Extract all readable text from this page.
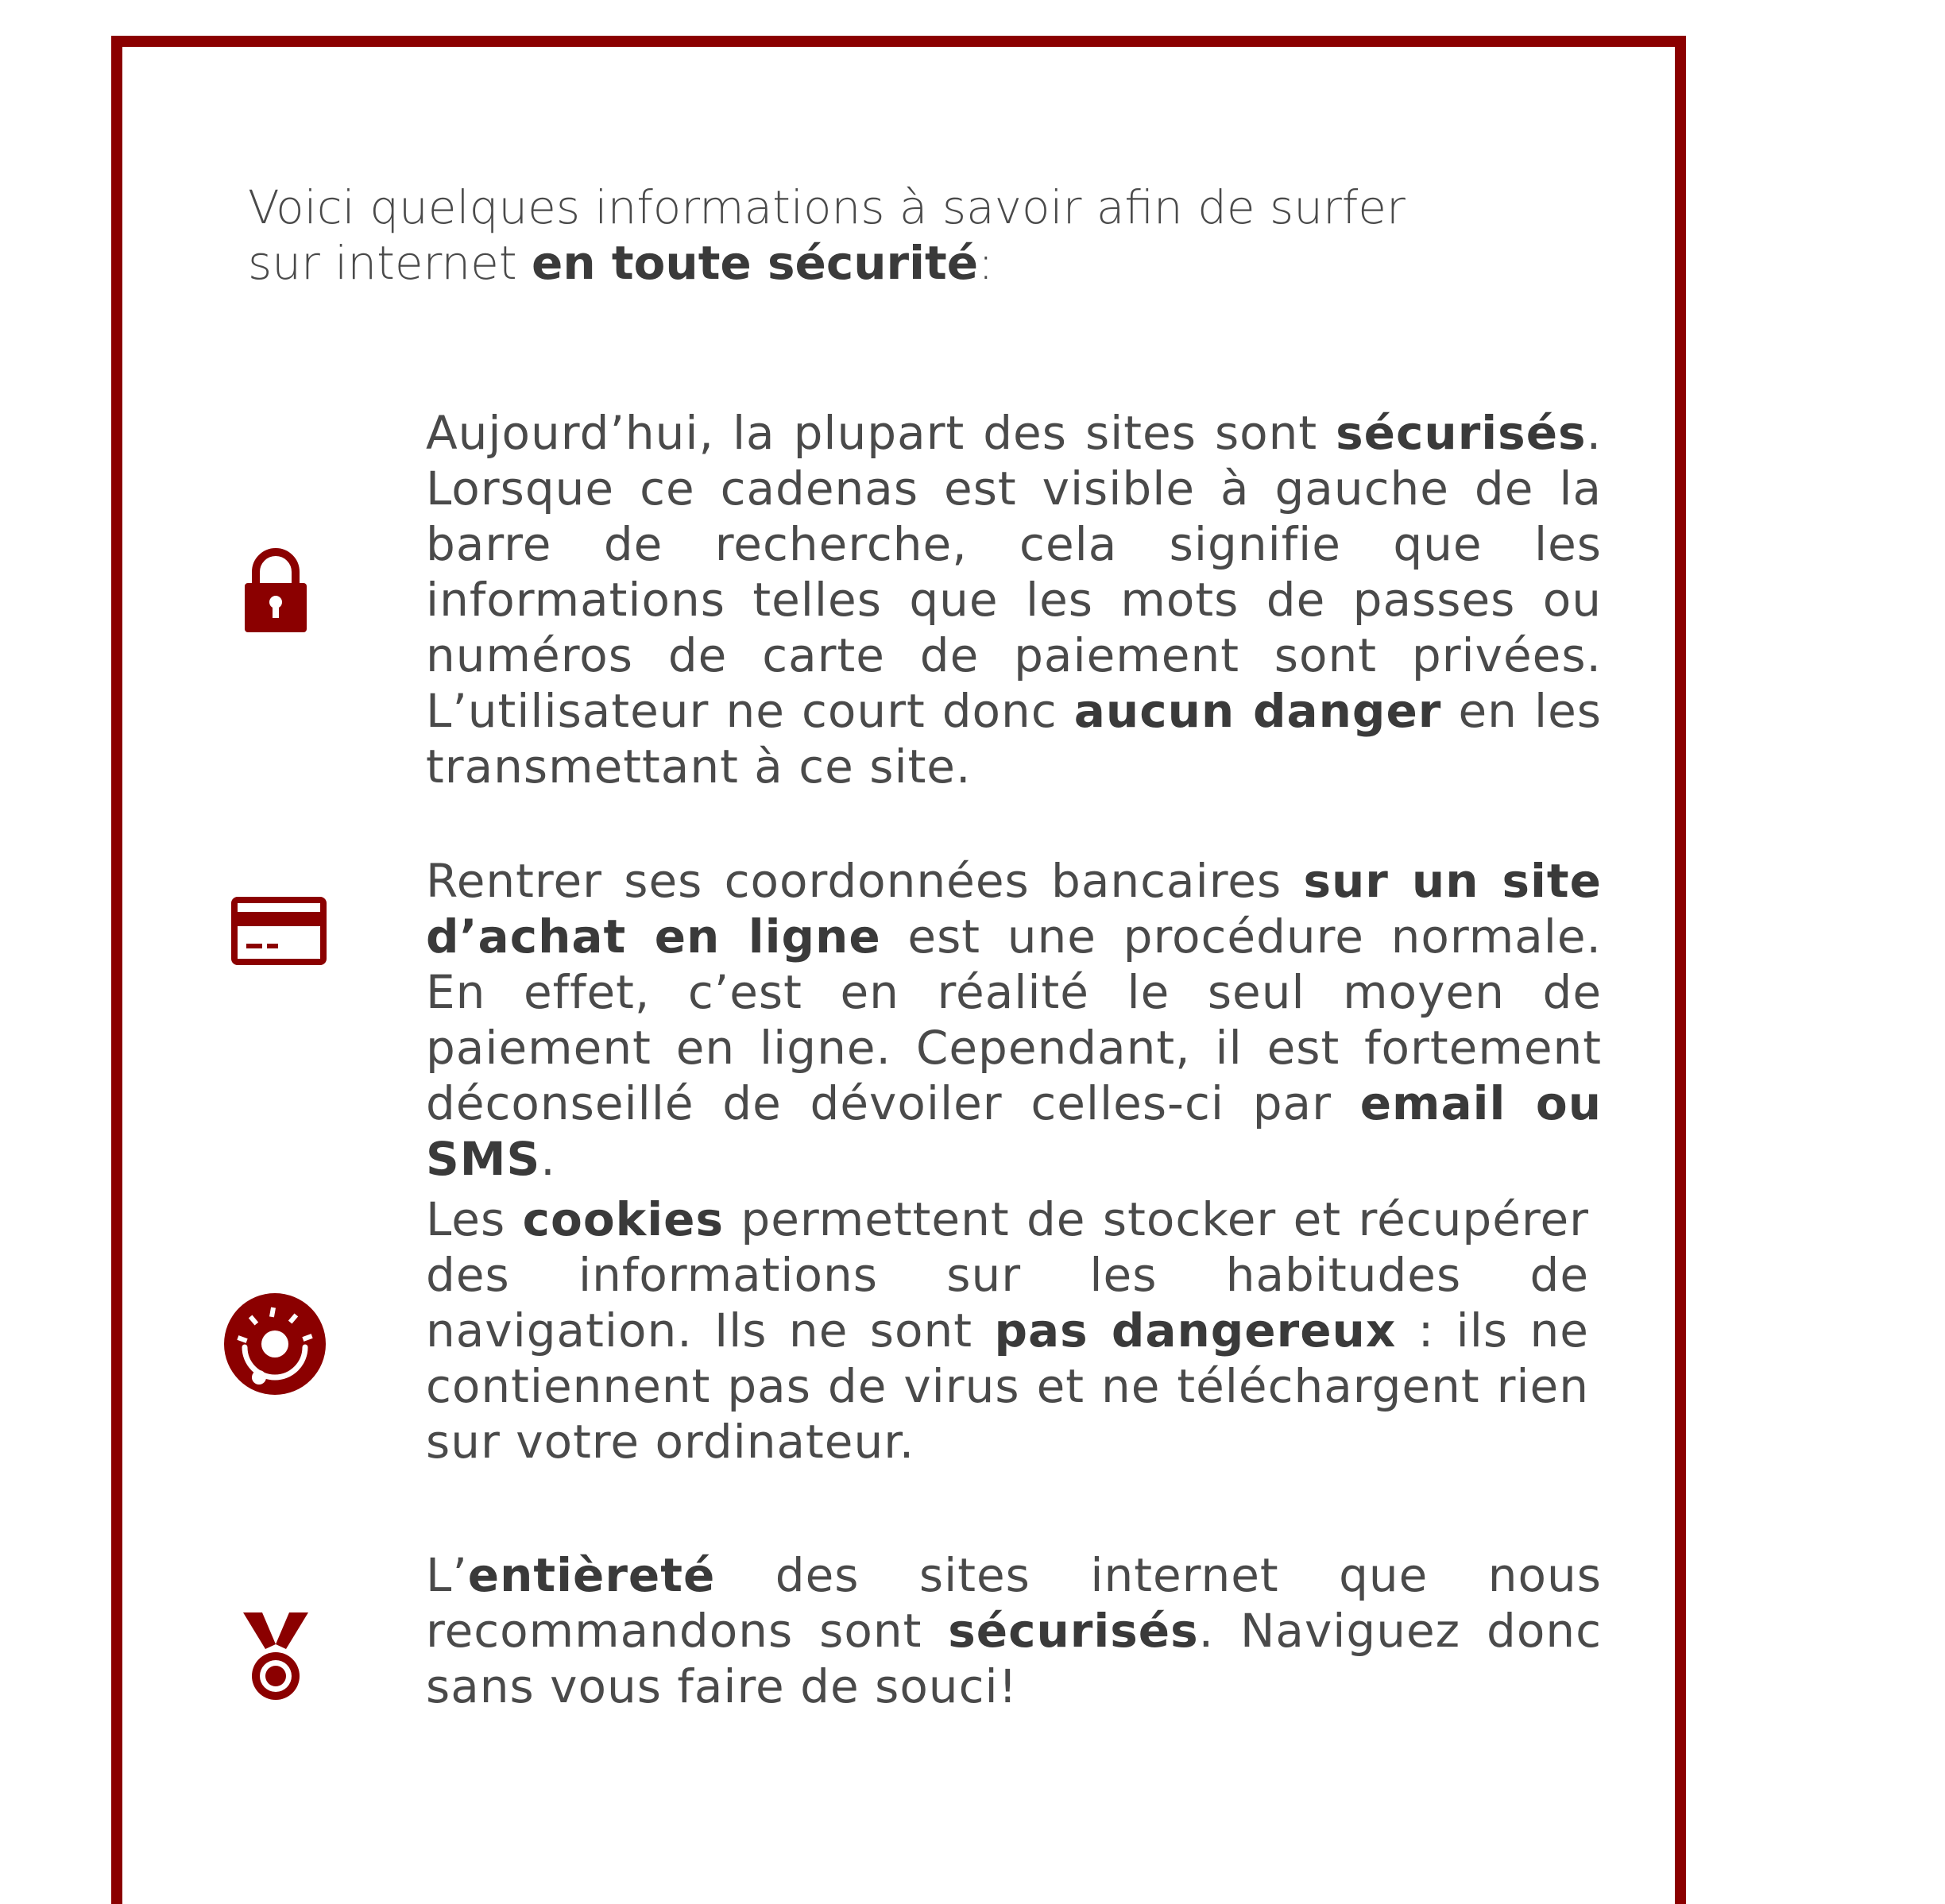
Voici quelques informations à savoir afin de surfer
sur internet en toute sécurité:
Aujourd’hui, la plupart des sites sont sécurisés. Lorsque ce cadenas est visible à gauche de la barre de recherche, cela signifie que les informations telles que les mots de passes ou numéros de carte de paiement sont privées. L’utilisateur ne court donc aucun danger en les transmettant à ce site.
Rentrer ses coordonnées bancaires sur un site d’achat en ligne est une procédure normale. En effet, c’est en réalité le seul moyen de paiement en ligne. Cependant, il est fortement déconseillé de dévoiler celles-ci par email ou SMS.
Les cookies permettent de stocker et récupérer des informations sur les habitudes de navigation. Ils ne sont pas dangereux : ils ne contiennent pas de virus et ne téléchargent rien sur votre ordinateur.
L’entièreté des sites internet que nous recommandons sont sécurisés. Naviguez donc sans vous faire de souci!
